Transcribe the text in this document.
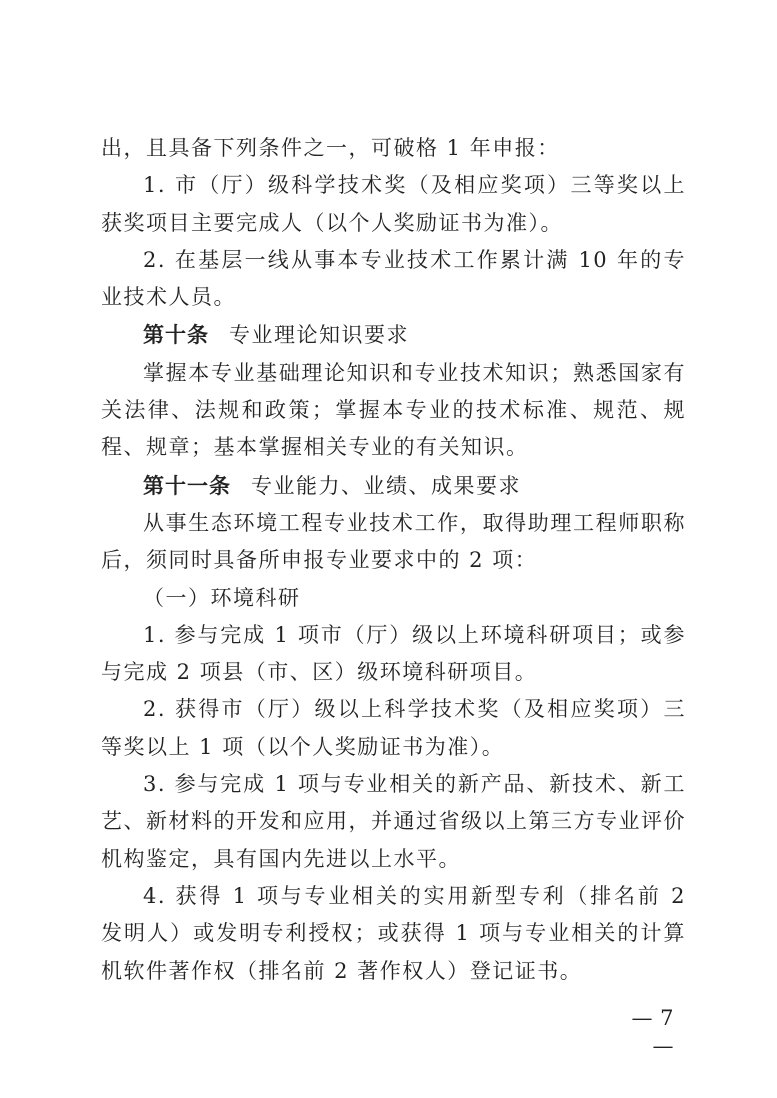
出，且具备下列条件之一，可破格 1 年申报：

1. 市（厅）级科学技术奖（及相应奖项）三等奖以上获奖项目主要完成人（以个人奖励证书为准）。

2. 在基层一线从事本专业技术工作累计满 10 年的专业技术人员。

第十条 专业理论知识要求

掌握本专业基础理论知识和专业技术知识；熟悉国家有关法律、法规和政策；掌握本专业的技术标准、规范、规程、规章；基本掌握相关专业的有关知识。

第十一条 专业能力、业绩、成果要求

从事生态环境工程专业技术工作，取得助理工程师职称后，须同时具备所申报专业要求中的 2 项：

（一）环境科研

1. 参与完成 1 项市（厅）级以上环境科研项目；或参与完成 2 项县（市、区）级环境科研项目。

2. 获得市（厅）级以上科学技术奖（及相应奖项）三等奖以上 1 项（以个人奖励证书为准）。

3. 参与完成 1 项与专业相关的新产品、新技术、新工艺、新材料的开发和应用，并通过省级以上第三方专业评价机构鉴定，具有国内先进以上水平。

4. 获得 1 项与专业相关的实用新型专利（排名前 2 发明人）或发明专利授权；或获得 1 项与专业相关的计算机软件著作权（排名前 2 著作权人）登记证书。

— 7 —
